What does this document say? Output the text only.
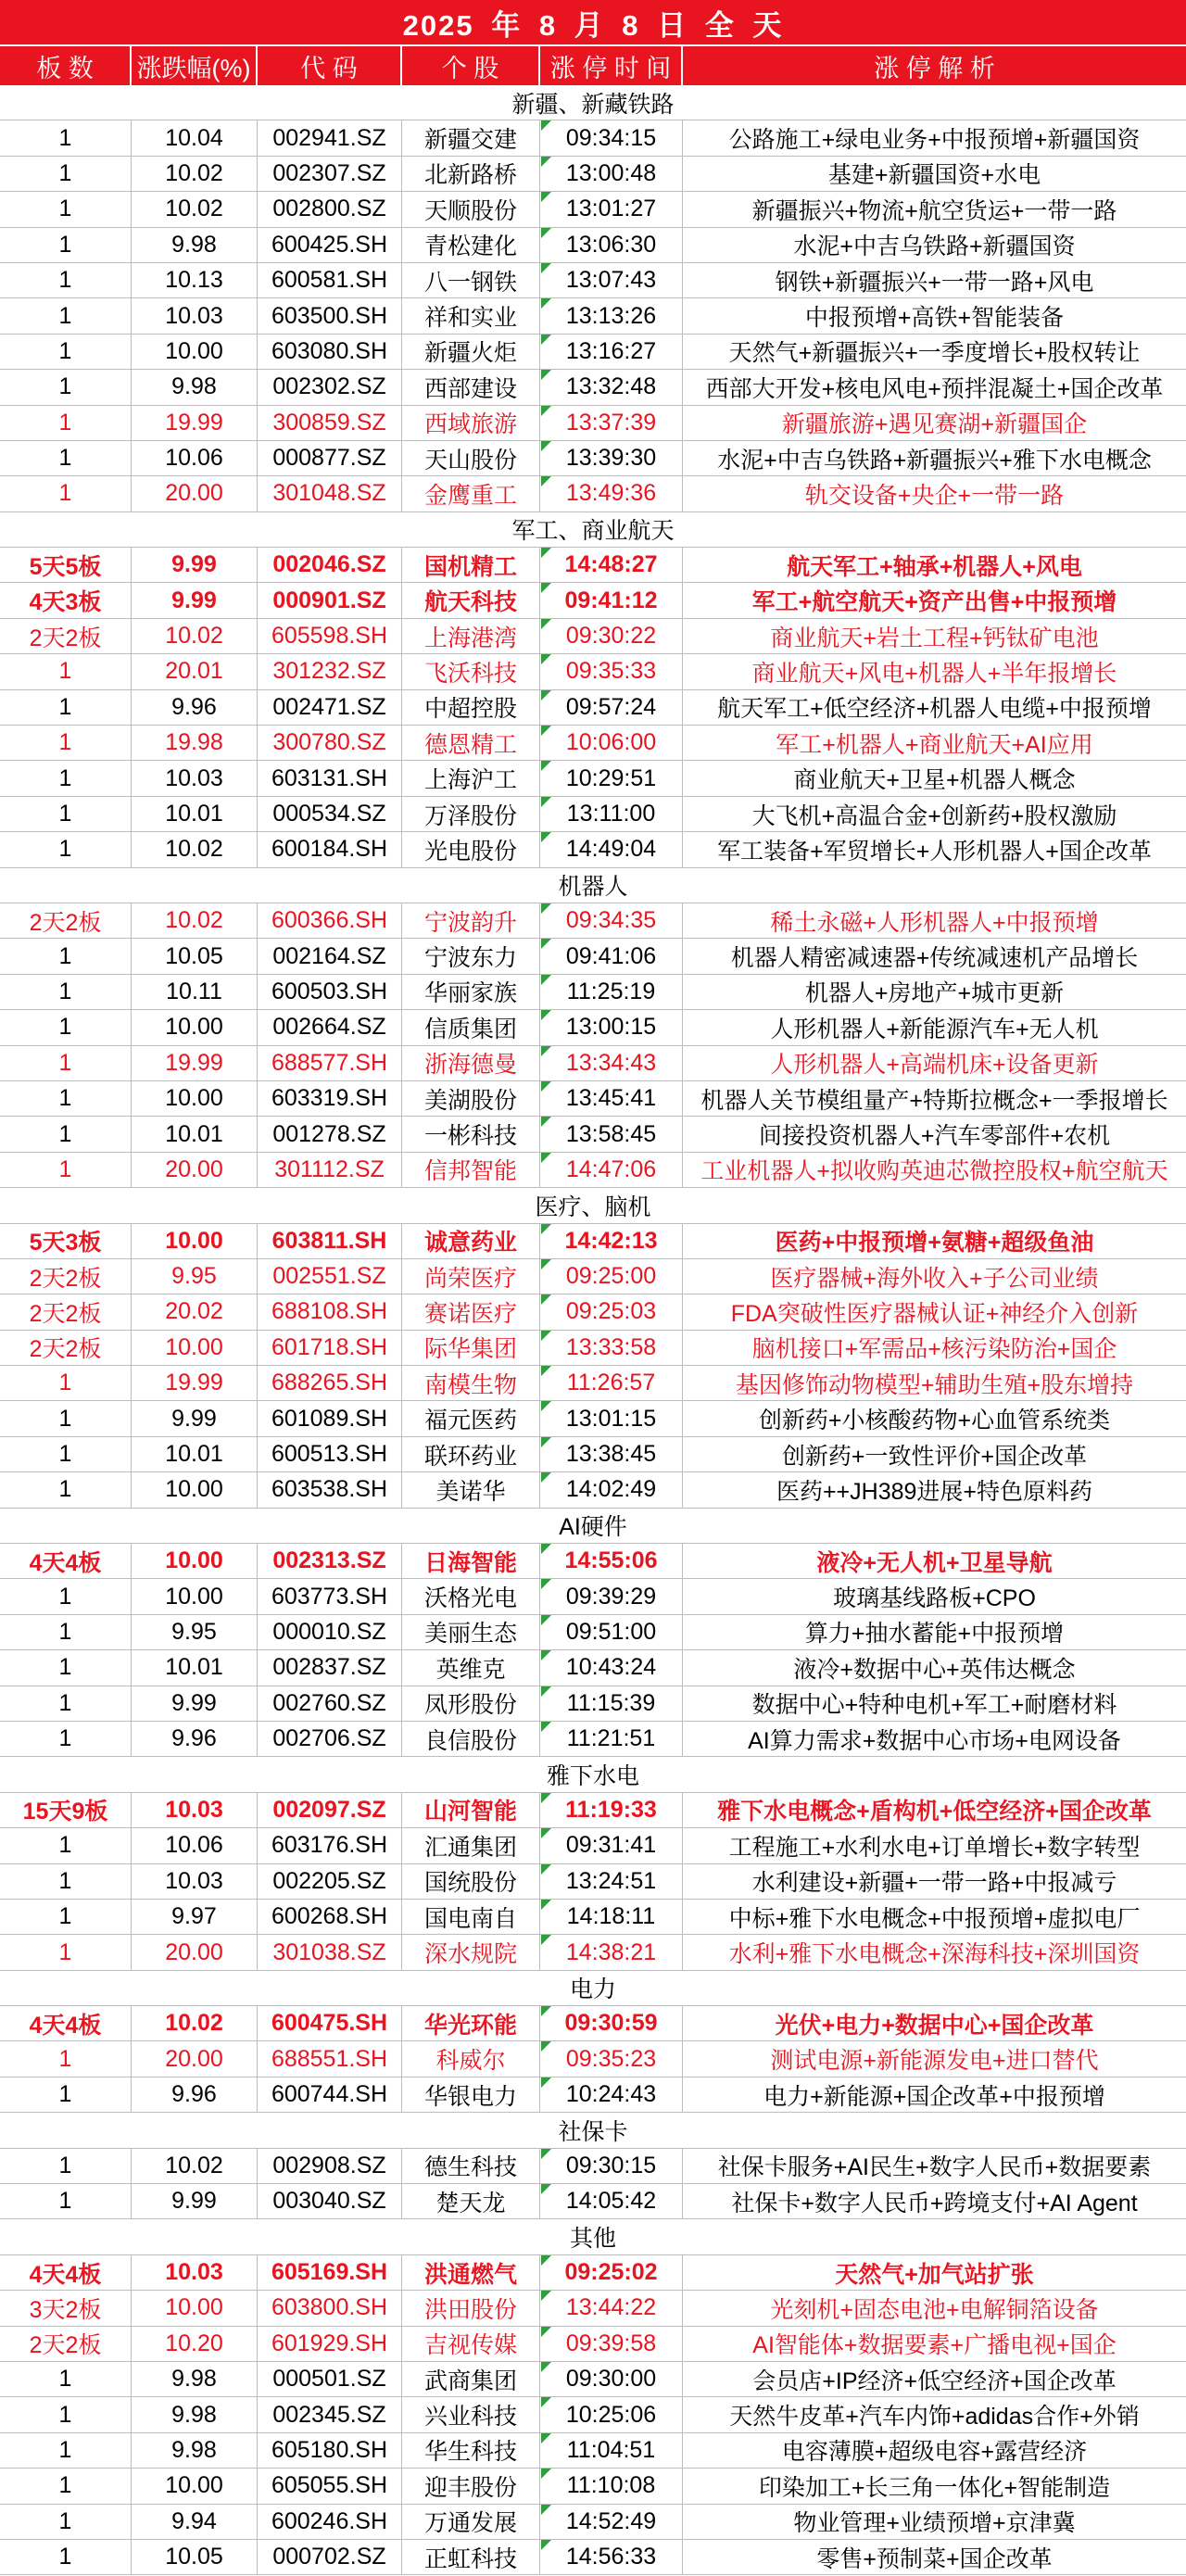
2025 年 8 月 8 日 全 天
板 数	涨跌幅(%)	代 码	个 股	涨 停 时 间	涨 停 解 析
新疆、新藏铁路
1	10.04	002941.SZ	新疆交建	09:34:15	公路施工+绿电业务+中报预增+新疆国资
1	10.02	002307.SZ	北新路桥	13:00:48	基建+新疆国资+水电
1	10.02	002800.SZ	天顺股份	13:01:27	新疆振兴+物流+航空货运+一带一路
1	9.98	600425.SH	青松建化	13:06:30	水泥+中吉乌铁路+新疆国资
1	10.13	600581.SH	八一钢铁	13:07:43	钢铁+新疆振兴+一带一路+风电
1	10.03	603500.SH	祥和实业	13:13:26	中报预增+高铁+智能装备
1	10.00	603080.SH	新疆火炬	13:16:27	天然气+新疆振兴+一季度增长+股权转让
1	9.98	002302.SZ	西部建设	13:32:48	西部大开发+核电风电+预拌混凝土+国企改革
1	19.99	300859.SZ	西域旅游	13:37:39	新疆旅游+遇见赛湖+新疆国企
1	10.06	000877.SZ	天山股份	13:39:30	水泥+中吉乌铁路+新疆振兴+雅下水电概念
1	20.00	301048.SZ	金鹰重工	13:49:36	轨交设备+央企+一带一路
军工、商业航天
5天5板	9.99	002046.SZ	国机精工	14:48:27	航天军工+轴承+机器人+风电
4天3板	9.99	000901.SZ	航天科技	09:41:12	军工+航空航天+资产出售+中报预增
2天2板	10.02	605598.SH	上海港湾	09:30:22	商业航天+岩土工程+钙钛矿电池
1	20.01	301232.SZ	飞沃科技	09:35:33	商业航天+风电+机器人+半年报增长
1	9.96	002471.SZ	中超控股	09:57:24	航天军工+低空经济+机器人电缆+中报预增
1	19.98	300780.SZ	德恩精工	10:06:00	军工+机器人+商业航天+AI应用
1	10.03	603131.SH	上海沪工	10:29:51	商业航天+卫星+机器人概念
1	10.01	000534.SZ	万泽股份	13:11:00	大飞机+高温合金+创新药+股权激励
1	10.02	600184.SH	光电股份	14:49:04	军工装备+军贸增长+人形机器人+国企改革
机器人
2天2板	10.02	600366.SH	宁波韵升	09:34:35	稀土永磁+人形机器人+中报预增
1	10.05	002164.SZ	宁波东力	09:41:06	机器人精密减速器+传统减速机产品增长
1	10.11	600503.SH	华丽家族	11:25:19	机器人+房地产+城市更新
1	10.00	002664.SZ	信质集团	13:00:15	人形机器人+新能源汽车+无人机
1	19.99	688577.SH	浙海德曼	13:34:43	人形机器人+高端机床+设备更新
1	10.00	603319.SH	美湖股份	13:45:41	机器人关节模组量产+特斯拉概念+一季报增长
1	10.01	001278.SZ	一彬科技	13:58:45	间接投资机器人+汽车零部件+农机
1	20.00	301112.SZ	信邦智能	14:47:06	工业机器人+拟收购英迪芯微控股权+航空航天
医疗、脑机
5天3板	10.00	603811.SH	诚意药业	14:42:13	医药+中报预增+氨糖+超级鱼油
2天2板	9.95	002551.SZ	尚荣医疗	09:25:00	医疗器械+海外收入+子公司业绩
2天2板	20.02	688108.SH	赛诺医疗	09:25:03	FDA突破性医疗器械认证+神经介入创新
2天2板	10.00	601718.SH	际华集团	13:33:58	脑机接口+军需品+核污染防治+国企
1	19.99	688265.SH	南模生物	11:26:57	基因修饰动物模型+辅助生殖+股东增持
1	9.99	601089.SH	福元医药	13:01:15	创新药+小核酸药物+心血管系统类
1	10.01	600513.SH	联环药业	13:38:45	创新药+一致性评价+国企改革
1	10.00	603538.SH	美诺华	14:02:49	医药++JH389进展+特色原料药
AI硬件
4天4板	10.00	002313.SZ	日海智能	14:55:06	液冷+无人机+卫星导航
1	10.00	603773.SH	沃格光电	09:39:29	玻璃基线路板+CPO
1	9.95	000010.SZ	美丽生态	09:51:00	算力+抽水蓄能+中报预增
1	10.01	002837.SZ	英维克	10:43:24	液冷+数据中心+英伟达概念
1	9.99	002760.SZ	凤形股份	11:15:39	数据中心+特种电机+军工+耐磨材料
1	9.96	002706.SZ	良信股份	11:21:51	AI算力需求+数据中心市场+电网设备
雅下水电
15天9板	10.03	002097.SZ	山河智能	11:19:33	雅下水电概念+盾构机+低空经济+国企改革
1	10.06	603176.SH	汇通集团	09:31:41	工程施工+水利水电+订单增长+数字转型
1	10.03	002205.SZ	国统股份	13:24:51	水利建设+新疆+一带一路+中报减亏
1	9.97	600268.SH	国电南自	14:18:11	中标+雅下水电概念+中报预增+虚拟电厂
1	20.00	301038.SZ	深水规院	14:38:21	水利+雅下水电概念+深海科技+深圳国资
电力
4天4板	10.02	600475.SH	华光环能	09:30:59	光伏+电力+数据中心+国企改革
1	20.00	688551.SH	科威尔	09:35:23	测试电源+新能源发电+进口替代
1	9.96	600744.SH	华银电力	10:24:43	电力+新能源+国企改革+中报预增
社保卡
1	10.02	002908.SZ	德生科技	09:30:15	社保卡服务+AI民生+数字人民币+数据要素
1	9.99	003040.SZ	楚天龙	14:05:42	社保卡+数字人民币+跨境支付+AI Agent
其他
4天4板	10.03	605169.SH	洪通燃气	09:25:02	天然气+加气站扩张
3天2板	10.00	603800.SH	洪田股份	13:44:22	光刻机+固态电池+电解铜箔设备
2天2板	10.20	601929.SH	吉视传媒	09:39:58	AI智能体+数据要素+广播电视+国企
1	9.98	000501.SZ	武商集团	09:30:00	会员店+IP经济+低空经济+国企改革
1	9.98	002345.SZ	兴业科技	10:25:06	天然牛皮革+汽车内饰+adidas合作+外销
1	9.98	605180.SH	华生科技	11:04:51	电容薄膜+超级电容+露营经济
1	10.00	605055.SH	迎丰股份	11:10:08	印染加工+长三角一体化+智能制造
1	9.94	600246.SH	万通发展	14:52:49	物业管理+业绩预增+京津冀
1	10.05	000702.SZ	正虹科技	14:56:33	零售+预制菜+国企改革
